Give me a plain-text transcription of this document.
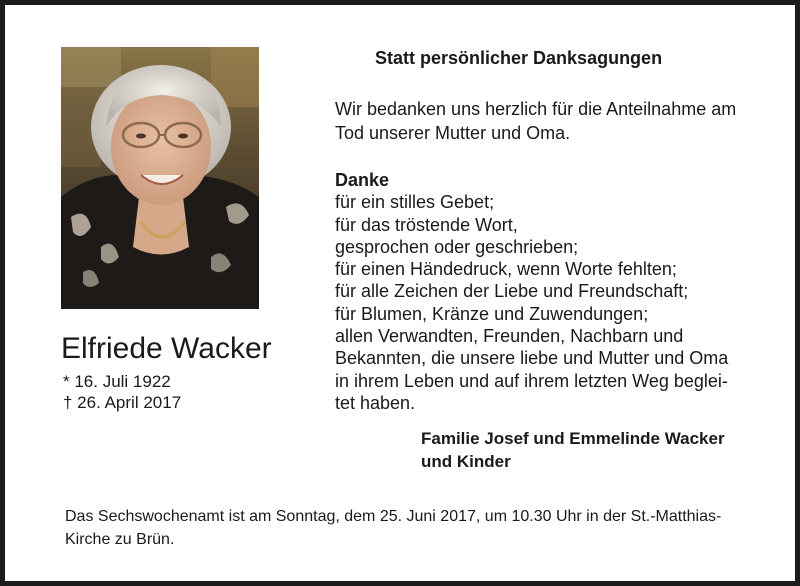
Elfriede Wacker
* 16. Juli 1922
† 26. April 2017
Statt persönlicher Danksagungen
Wir bedanken uns herzlich für die Anteilnahme am
Tod unserer Mutter und Oma.
Danke
für ein stilles Gebet;
für das tröstende Wort,
gesprochen oder geschrieben;
für einen Händedruck, wenn Worte fehlten;
für alle Zeichen der Liebe und Freundschaft;
für Blumen, Kränze und Zuwendungen;
allen Verwandten, Freunden, Nachbarn und
Bekannten, die unsere liebe und Mutter und Oma
in ihrem Leben und auf ihrem letzten Weg beglei-
tet haben.
Familie Josef und Emmelinde Wacker
und Kinder
Das Sechswochenamt ist am Sonntag, dem 25. Juni 2017, um 10.30 Uhr in der St.-Matthias-
Kirche zu Brün.
